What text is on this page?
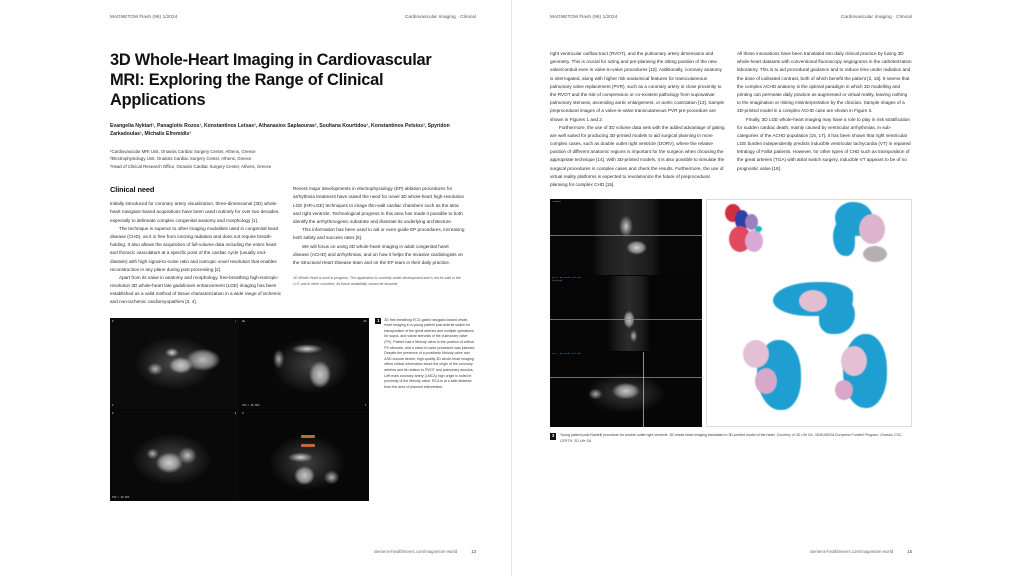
MAGNETOM Flash (96) 1/2024	Cardiovascular Imaging · Clinical
3D Whole-Heart Imaging in Cardiovascular MRI: Exploring the Range of Clinical Applications
Evangelia Nyktari¹, Panagiotis Rozos¹, Konstantinos Letsas², Athanasios Saplaouras², Soultana Kourtidou¹, Konstantinos Petsios³, Spyridon Zarkadoulas¹, Michalis Efremidis²
¹Cardiovascular MRI Unit, Onassis Cardiac Surgery Center, Athens, Greece
²Electrophysiology Unit, Onassis Cardiac Surgery Center, Athens, Greece
³Head of Clinical Research Office, Onassis Cardiac Surgery Center, Athens, Greece
Clinical need

Initially introduced for coronary artery visualization, three-dimensional (3D) whole-heart navigator-based acquisitions have been used routinely for over two decades, especially to delineate complex congenital anatomy and morphology [1].

The technique is superior to other imaging modalities used in congenital heart disease (CHD), as it is free from ionizing radiation and does not require breath-holding. It also allows the acquisition of full-volume data including the entire heart and thoracic vasculature at a specific point of the cardiac cycle (usually end-diastole) with high signal-to-noise ratio and isotropic voxel resolution that enables reconstruction in any plane during post processing [2].

Apart from its value in anatomy and morphology, free-breathing high-isotropic-resolution 3D whole-heart late gadolinium enhancement (LGE) imaging has been established as a valid method of tissue characterization in a wide range of ischemic and non-ischemic cardiomyopathies [3, 4].

Recent major developments in electrophysiology (EP) ablation procedures for arrhythmia treatment have raised the need for novel 3D whole-heart high-resolution LGE (HR-LGE) techniques to image thin-wall cardiac chambers such as the atria and right ventricle. Technological progress in this area has made it possible to both identify the arrhythmogenic substrate and illustrate its underlying architecture.

This information has been used to aid or even guide EP procedures, increasing both safety and success rates [5].

We will focus on using 3D whole-heart imaging in adult congenital heart disease (ACHD) and arrhythmias, and on how it helps the invasive cardiologists on the Structural Heart Disease team and on the EP team in their daily practice.

3D Whole Heart is work in progress. The application is currently under development and is not for sale in the U.S. and in other countries. Its future availability cannot be ensured.

R	L
P
HE	AN
TRU / 3D SPA	F
R	H
TRU / 3D SPA
R
1	3D free-breathing ECG-gated navigator-based whole-heart imaging in a young patient post arterial switch for transposition of the great arteries and multiple operations for supra- and valvar stenosis of the pulmonary valve (PV). Patient had a Melody valve in the position of critical PV stenosis, and a valve-in-valve procedure was planned. Despite the presence of a prosthetic Melody valve and ASD closure device, high-quality 3D whole-heart imaging offers critical information about the origin of the coronary arteries and its relation to RVOT and pulmonary annulus. Left main coronary artery (LMCA) high origin is noted in proximity of the Melody valve. RCA is at a safe distance from the area of planned intervention.
siemens-healthineers.com/magnetom-world	13
MAGNETOM Flash (96) 1/2024	Cardiovascular Imaging · Clinical

right ventricular outflow tract (RVOT), and the pulmonary artery dimensions and geometry. This is crucial for sizing and pre-planning the sitting position of the new valve/conduit even in valve-in-valve procedures [12]. Additionally, coronary anatomy is interrogated, along with higher risk anatomical features for transcutaneous pulmonary valve replacement (PVR), such as a coronary artery in close proximity to the RVOT and the risk of compression or co-existent pathology from supravalvar pulmonary stenosis, ascending aortic enlargement, or aortic coarctation [13]. Sample preprocedural images of a valve-in-valve transcutaneous PVR pre-procedure are shown in Figures 1 and 2.

Furthermore, the use of 3D volume data sets with the added advantage of gating are well suited for producing 3D-printed models to aid surgical planning in more complex cases, such as double outlet right ventricle (DORV), where the relative position of different anatomic regions is important for the surgeon when choosing the appropriate technique [14]. With 3D-printed models, it is also possible to simulate the surgical procedures in complex cases and check the results. Furthermore, the use of virtual reality platforms is expected to revolutionize the future of preprocedural planning for complex CHD [15].

All these innovations have been translated into daily clinical practice by fusing 3D whole-heart datasets with conventional fluoroscopy angiograms in the catheterization laboratory. This is to aid procedural guidance and to reduce time under radiation and the dose of iodinated contrast, both of which benefit the patient [2, 15]. It seems that the complex ACHD anatomy is the optimal paradigm in which 3D modelling and printing can permeate daily practice as augmented or virtual reality, leaving nothing to the imagination or risking misinterpretation by the clinician. Sample images of a 3D-printed model in a complex ACHD case are shown in Figure 3.

Finally, 3D LGE whole-heart imaging may have a role to play in risk stratification for sudden cardiac death, mainly caused by ventricular arrhythmias, in sub-categories of the ACHD population [16, 17]. It has been shown that right ventricular LGE burden independently predicts inducible ventricular tachycardia (VT) in repaired tetralogy of Fallot patients. However, for other types of CHD such as transposition of the great arteries (TGA) with atrial switch surgery, inducible VT appears to be of no prognostic value [18].

SIEMENS
cor | 3D trufi 0.8 iso
[3D/MPR]
tra | 3D trufi 0.8 iso
3	Young patient post-Rastelli procedure for double outlet right ventricle. 3D whole-heart imaging translated to 3D-printed model of the heart. Courtesy of 3D Life SA, 3D4KARDIA European Funded Program, Onassis CSC, CERTH, 3D Life SA.
siemens-healthineers.com/magnetom-world	15
